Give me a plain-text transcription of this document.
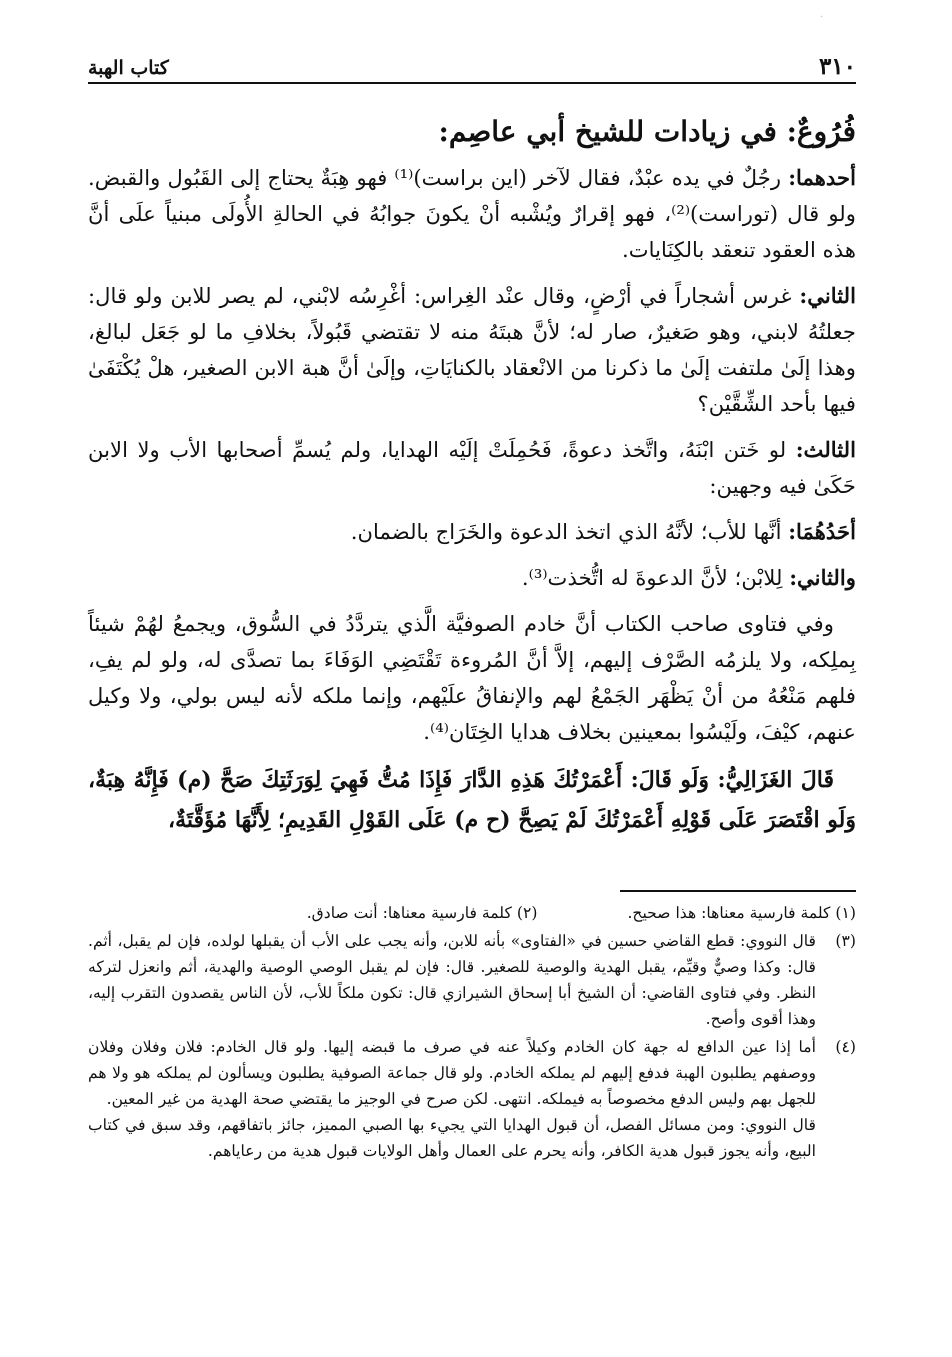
·
٣١٠
كتاب الهبة
فُرُوعٌ: في زيادات للشيخ أبي عاصِم:

أحدهما: رجُلٌ في يده عبْدٌ، فقال لآخر (اين براست)⁽¹⁾ فهو هِبَةٌ يحتاج إلى القَبُول والقبض. ولو قال (توراست)⁽²⁾، فهو إقرارٌ ويُشْبه أنْ يكونَ جوابُهُ في الحالةِ الأُولَى مبنياً علَى أنَّ هذه العقود تنعقد بالكِنَايات.

الثاني: غرس أشجاراً في أرْضٍ، وقال عنْد الغِراس: أغْرِسُه لابْني، لم يصر للابن ولو قال: جعلتُهُ لابني، وهو صَغيرٌ، صار له؛ لأنَّ هبتَهُ منه لا تقتضي قَبُولاً، بخلافِ ما لو جَعَل لبالغ، وهذا إلَىٰ ملتفت إلَىٰ ما ذكرنا من الانْعقاد بالكنايَاتِ، وإلَىٰ أنَّ هبة الابن الصغير، هلْ يُكْتَفَىٰ فيها بأحد الشِّقَّيْن؟

الثالث: لو خَتن ابْنَهُ، واتَّخذ دعوةً، فَحُمِلَتْ إلَيْه الهدايا، ولم يُسمِّ أصحابها الأب ولا الابن حَكَىٰ فيه وجهين:

أحَدُهُمَا: أنَّها للأب؛ لأنَّهُ الذي اتخذ الدعوة والخَرَاج بالضمان.

والثاني: لِلابْن؛ لأنَّ الدعوةَ له اتُّخذت⁽³⁾.

وفي فتاوى صاحب الكتاب أنَّ خادم الصوفيَّة الَّذي يتردَّدُ في السُّوق، ويجمعُ لهُمْ شيئاً بِملِكه، ولا يلزمُه الصَّرْف إليهم، إلاَّ أنَّ المُروءة تَقْتَضِي الوَفَاءَ بما تصدَّى له، ولو لم يفِ، فلهم مَنْعُهُ من أنْ يَظْهَر الجَمْعُ لهم والإنفاقُ علَيْهم، وإنما ملكه لأنه ليس بولي، ولا وكيل عنهم، كيْفَ، ولَيْسُوا بمعينين بخلاف هدايا الخِتَان⁽⁴⁾.

قَالَ الغَزَالِيُّ: وَلَو قَالَ: أَعْمَرْتُكَ هَذِهِ الدَّارَ فَإِذَا مُتُّ فَهِيَ لِوَرَثَتِكَ صَحَّ (م) فَإِنَّهُ هِبَةٌ، وَلَو اقْتَصَرَ عَلَى قَوْلِهِ أَعْمَرْتُكَ لَمْ يَصِحَّ (ح م) عَلَى القَوْلِ القَدِيمِ؛ لِأَنَّهَا مُؤَقَّتَةٌ،

(١) كلمة فارسية معناها: هذا صحيح.
(٢) كلمة فارسية معناها: أنت صادق.
(٣)

قال النووي: قطع القاضي حسين في «الفتاوى» بأنه للابن، وأنه يجب على الأب أن يقبلها لولده، فإن لم يقبل، أثم. قال: وكذا وصيٌّ وقيِّم، يقبل الهدية والوصية للصغير. قال: فإن لم يقبل الوصي الوصية والهدية، أثم وانعزل لتركه النظر. وفي فتاوى القاضي: أن الشيخ أبا إسحاق الشيرازي قال: تكون ملكاً للأب، لأن الناس يقصدون التقرب إليه، وهذا أقوى وأصح.

(٤)

أما إذا عين الدافع له جهة كان الخادم وكيلاً عنه في صرف ما قبضه إليها. ولو قال الخادم: فلان وفلان وفلان ووصفهم يطلبون الهبة فدفع إليهم لم يملكه الخادم. ولو قال جماعة الصوفية يطلبون ويسألون لم يملكه هو ولا هم للجهل بهم وليس الدفع مخصوصاً به فيملكه. انتهى. لكن صرح في الوجيز ما يقتضي صحة الهدية من غير المعين.

قال النووي: ومن مسائل الفصل، أن قبول الهدايا التي يجيء بها الصبي المميز، جائز باتفاقهم، وقد سبق في كتاب البيع، وأنه يجوز قبول هدية الكافر، وأنه يحرم على العمال وأهل الولايات قبول هدية من رعاياهم.
